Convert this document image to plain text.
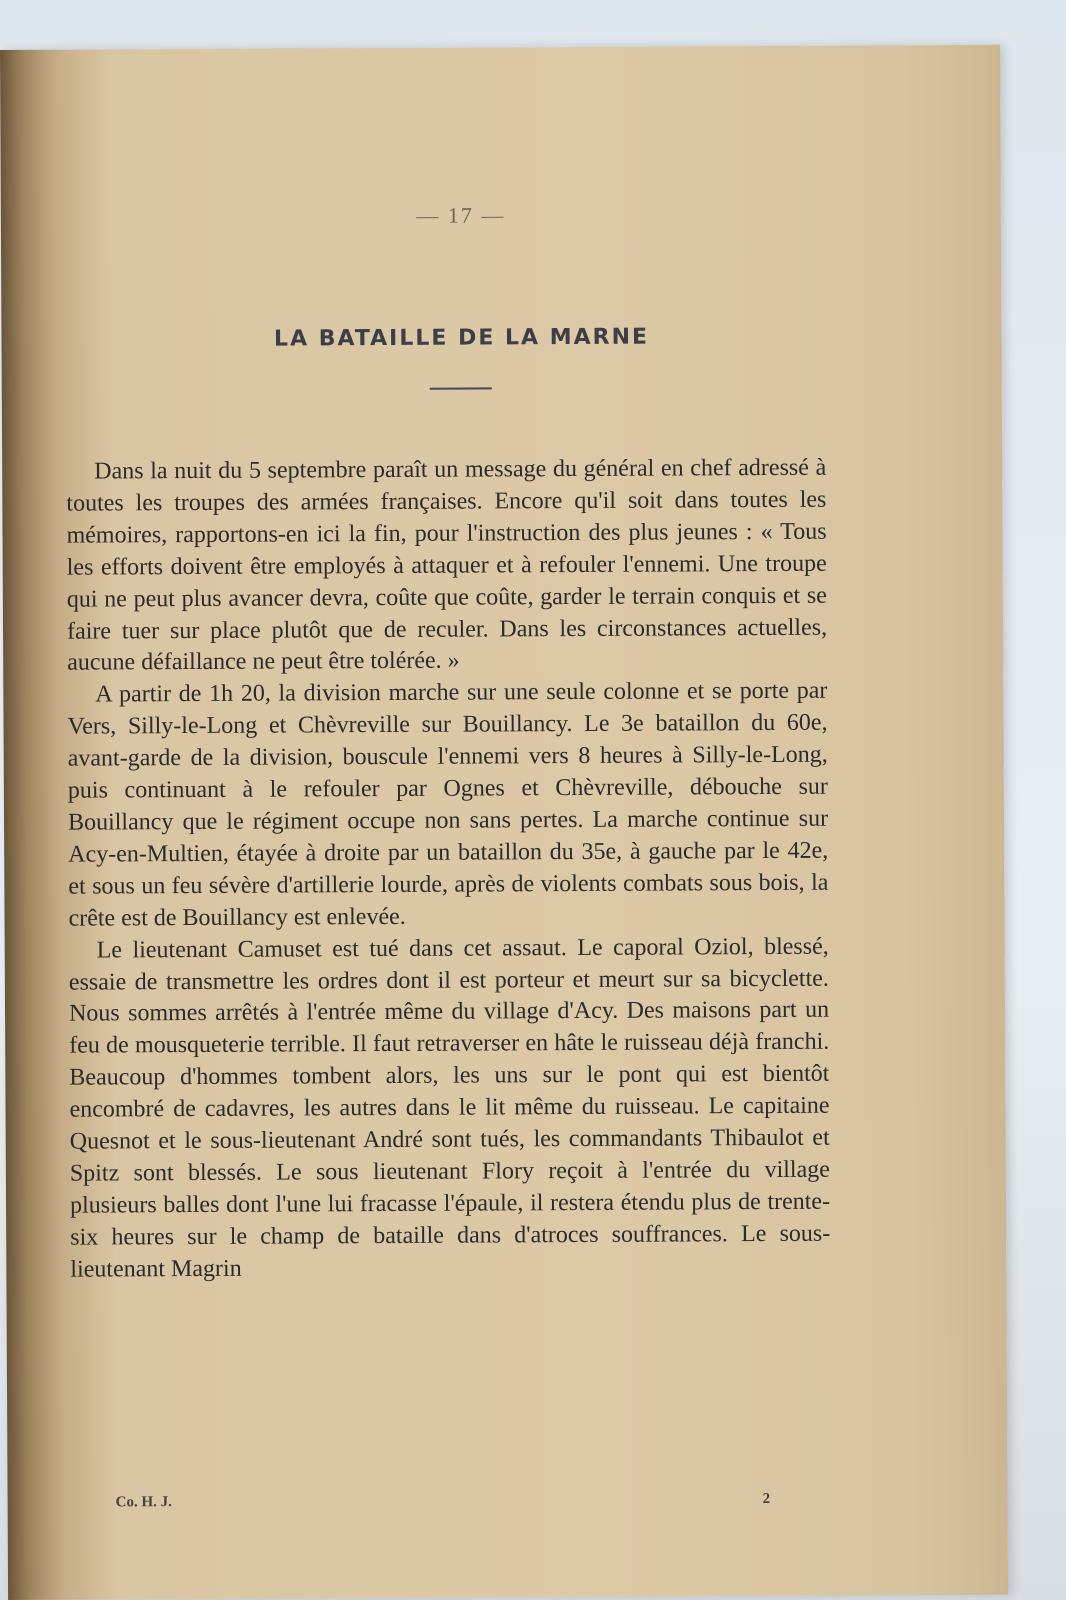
— 17 —
LA BATAILLE DE LA MARNE

Dans la nuit du 5 septembre paraît un message du général en chef adressé à toutes les troupes des armées françaises. Encore qu'il soit dans toutes les mémoires, rapportons-en ici la fin, pour l'instruction des plus jeunes : « Tous les efforts doivent être employés à attaquer et à refouler l'ennemi. Une troupe qui ne peut plus avancer devra, coûte que coûte, garder le terrain conquis et se faire tuer sur place plutôt que de reculer. Dans les circonstances actuelles, aucune défaillance ne peut être tolérée. »

A partir de 1h 20, la division marche sur une seule colonne et se porte par Vers, Silly-le-Long et Chèvreville sur Bouillancy. Le 3e bataillon du 60e, avant-garde de la division, bouscule l'ennemi vers 8 heures à Silly-le-Long, puis continuant à le refouler par Ognes et Chèvreville, débouche sur Bouillancy que le régiment occupe non sans pertes. La marche continue sur Acy-en-Multien, étayée à droite par un bataillon du 35e, à gauche par le 42e, et sous un feu sévère d'artillerie lourde, après de violents combats sous bois, la crête est de Bouillancy est enlevée.

Le lieutenant Camuset est tué dans cet assaut. Le caporal Oziol, blessé, essaie de transmettre les ordres dont il est porteur et meurt sur sa bicyclette. Nous sommes arrêtés à l'entrée même du village d'Acy. Des maisons part un feu de mousqueterie terrible. Il faut retraverser en hâte le ruisseau déjà franchi. Beaucoup d'hommes tombent alors, les uns sur le pont qui est bientôt encombré de cadavres, les autres dans le lit même du ruisseau. Le capitaine Quesnot et le sous-lieutenant André sont tués, les commandants Thibaulot et Spitz sont blessés. Le sous lieutenant Flory reçoit à l'entrée du village plusieurs balles dont l'une lui fracasse l'épaule, il restera étendu plus de trente-six heures sur le champ de bataille dans d'atroces souffrances. Le sous-lieutenant Magrin

Co. H. J.	2
